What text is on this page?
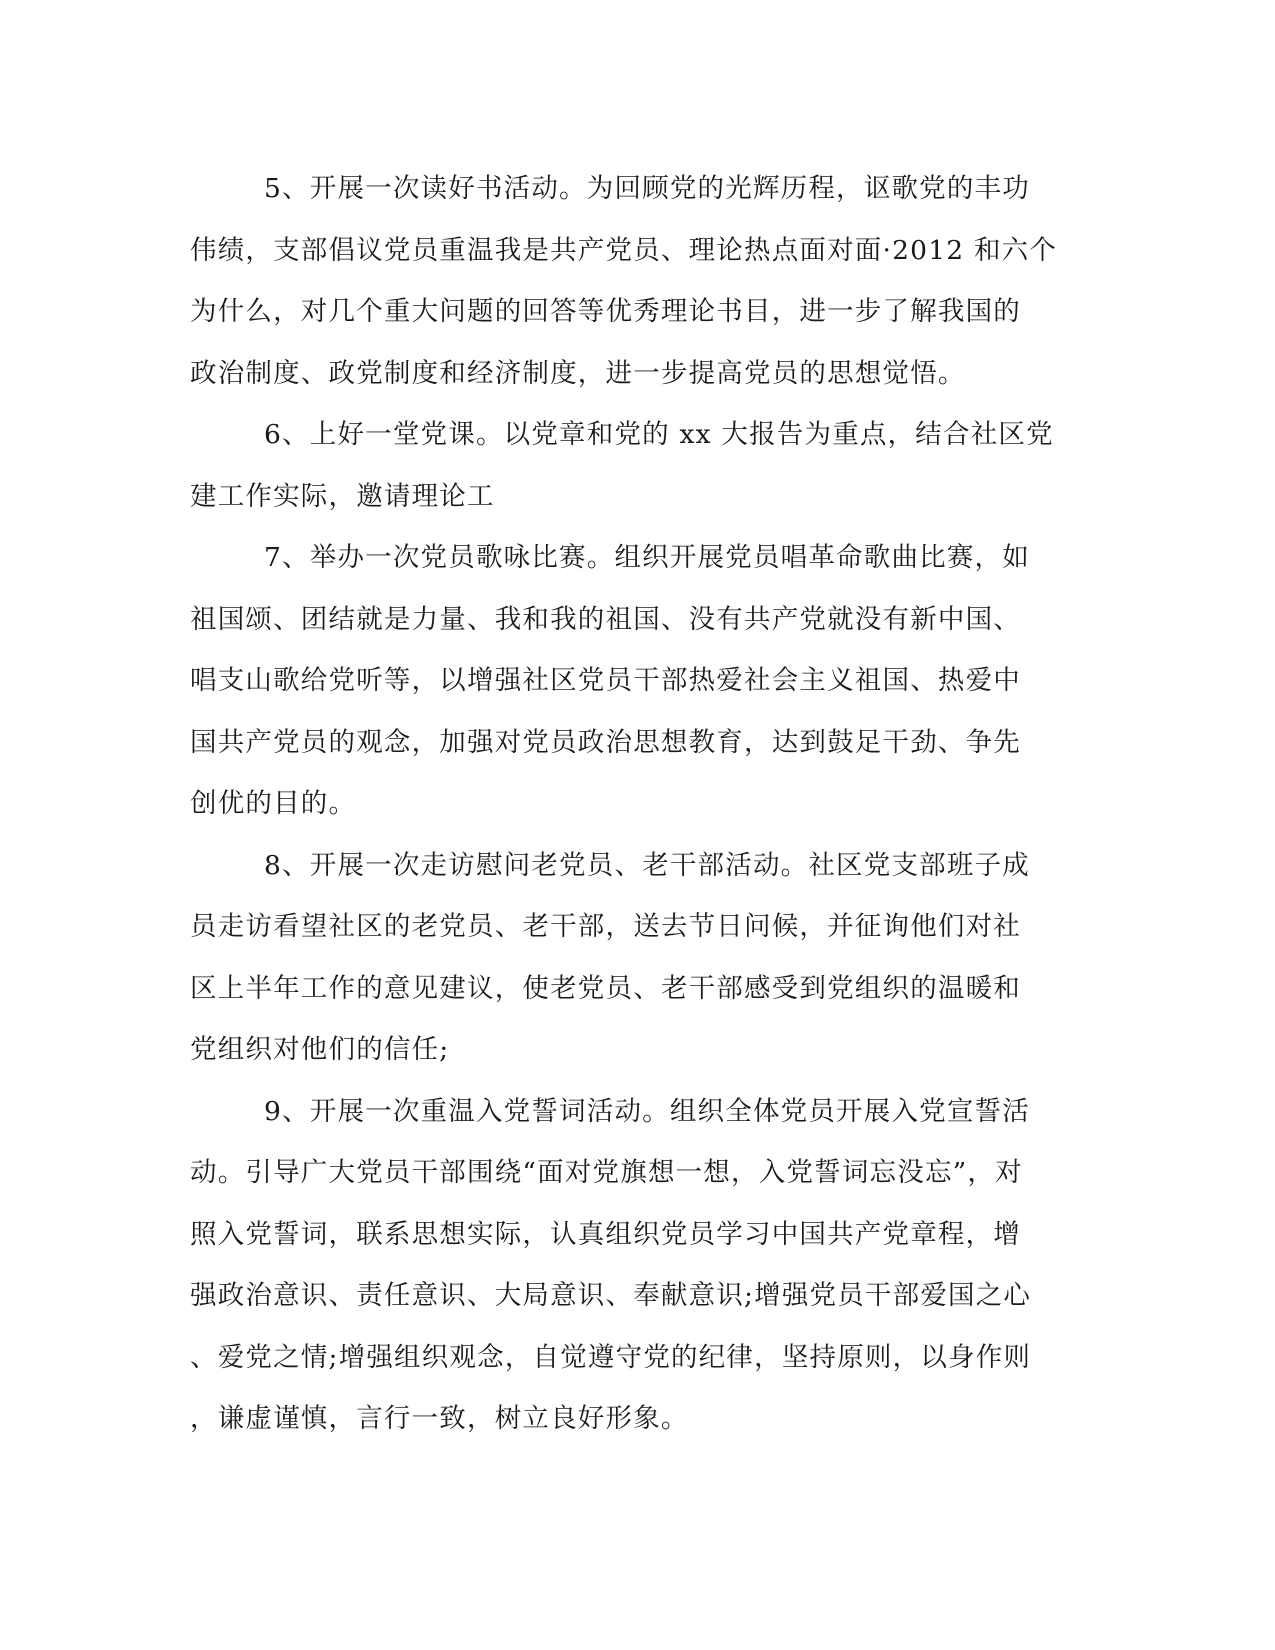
5、开展一次读好书活动。为回顾党的光辉历程，讴歌党的丰功
伟绩，支部倡议党员重温我是共产党员、理论热点面对面·2012 和六个
为什么，对几个重大问题的回答等优秀理论书目，进一步了解我国的
政治制度、政党制度和经济制度，进一步提高党员的思想觉悟。
6、上好一堂党课。以党章和党的 xx 大报告为重点，结合社区党
建工作实际，邀请理论工
7、举办一次党员歌咏比赛。组织开展党员唱革命歌曲比赛，如
祖国颂、团结就是力量、我和我的祖国、没有共产党就没有新中国、
唱支山歌给党听等，以增强社区党员干部热爱社会主义祖国、热爱中
国共产党员的观念，加强对党员政治思想教育，达到鼓足干劲、争先
创优的目的。
8、开展一次走访慰问老党员、老干部活动。社区党支部班子成
员走访看望社区的老党员、老干部，送去节日问候，并征询他们对社
区上半年工作的意见建议，使老党员、老干部感受到党组织的温暖和
党组织对他们的信任;
9、开展一次重温入党誓词活动。组织全体党员开展入党宣誓活
动。引导广大党员干部围绕“面对党旗想一想，入党誓词忘没忘”，对
照入党誓词，联系思想实际，认真组织党员学习中国共产党章程，增
强政治意识、责任意识、大局意识、奉献意识;增强党员干部爱国之心
、爱党之情;增强组织观念，自觉遵守党的纪律，坚持原则，以身作则
，谦虚谨慎，言行一致，树立良好形象。
